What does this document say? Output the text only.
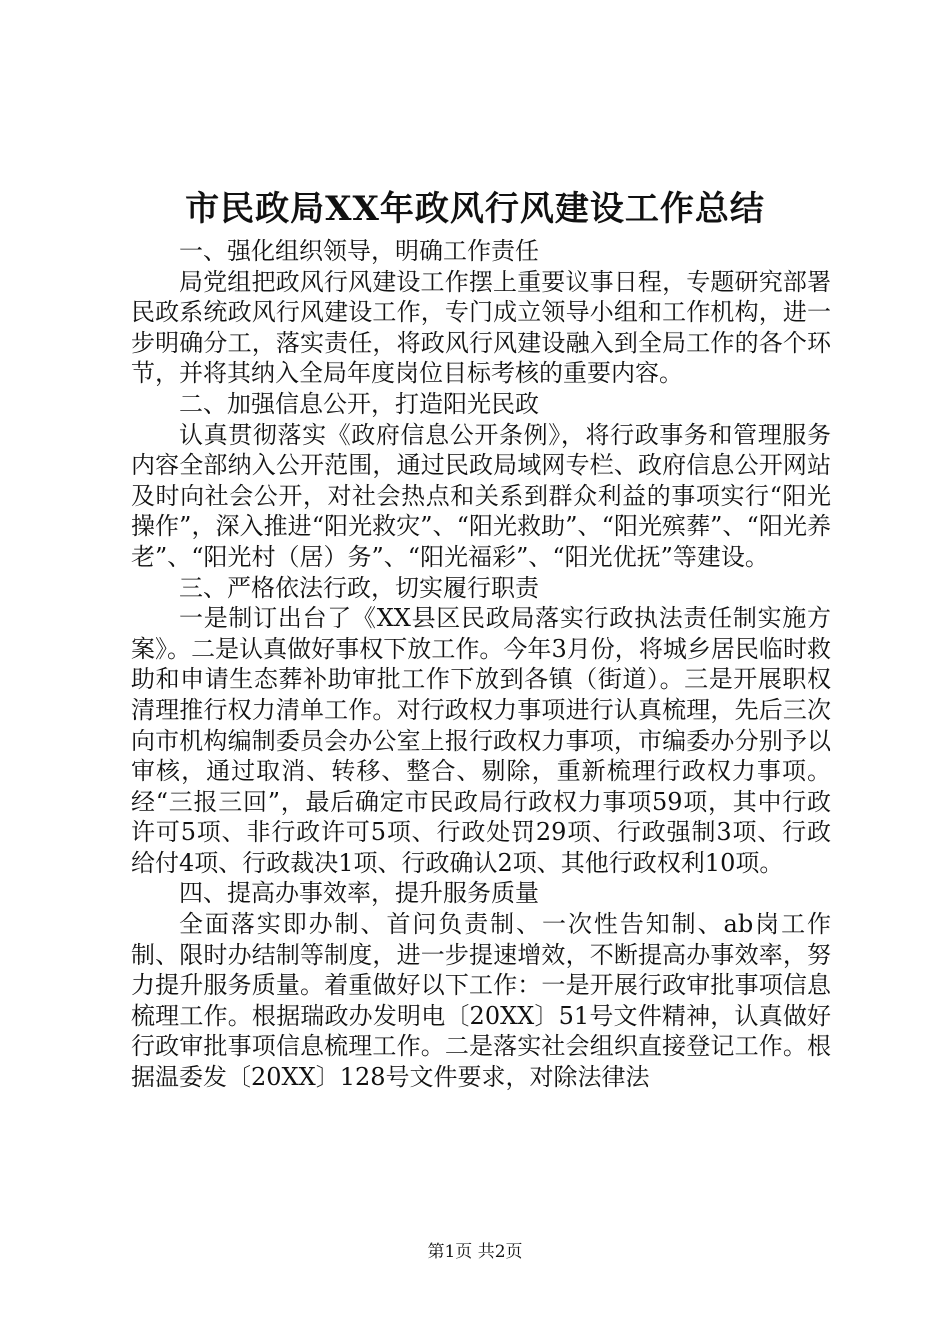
市民政局XX年政风行风建设工作总结

一、强化组织领导，明确工作责任

局党组把政风行风建设工作摆上重要议事日程，专题研究部署民政系统政风行风建设工作，专门成立领导小组和工作机构，进一步明确分工，落实责任，将政风行风建设融入到全局工作的各个环节，并将其纳入全局年度岗位目标考核的重要内容。

二、加强信息公开，打造阳光民政

认真贯彻落实《政府信息公开条例》，将行政事务和管理服务内容全部纳入公开范围，通过民政局域网专栏、政府信息公开网站及时向社会公开，对社会热点和关系到群众利益的事项实行“阳光操作”，深入推进“阳光救灾”、“阳光救助”、“阳光殡葬”、“阳光养老”、“阳光村（居）务”、“阳光福彩”、“阳光优抚”等建设。

三、严格依法行政，切实履行职责

一是制订出台了《XX县区民政局落实行政执法责任制实施方案》。二是认真做好事权下放工作。今年3月份，将城乡居民临时救助和申请生态葬补助审批工作下放到各镇（街道）。三是开展职权清理推行权力清单工作。对行政权力事项进行认真梳理，先后三次向市机构编制委员会办公室上报行政权力事项，市编委办分别予以审核，通过取消、转移、整合、剔除，重新梳理行政权力事项。经“三报三回”，最后确定市民政局行政权力事项59项，其中行政许可5项、非行政许可5项、行政处罚29项、行政强制3项、行政给付4项、行政裁决1项、行政确认2项、其他行政权利10项。

四、提高办事效率，提升服务质量

全面落实即办制、首问负责制、一次性告知制、ab岗工作制、限时办结制等制度，进一步提速增效，不断提高办事效率，努力提升服务质量。着重做好以下工作：一是开展行政审批事项信息梳理工作。根据瑞政办发明电〔20XX〕51号文件精神，认真做好行政审批事项信息梳理工作。二是落实社会组织直接登记工作。根据温委发〔20XX〕128号文件要求，对除法律法

第1页 共2页
